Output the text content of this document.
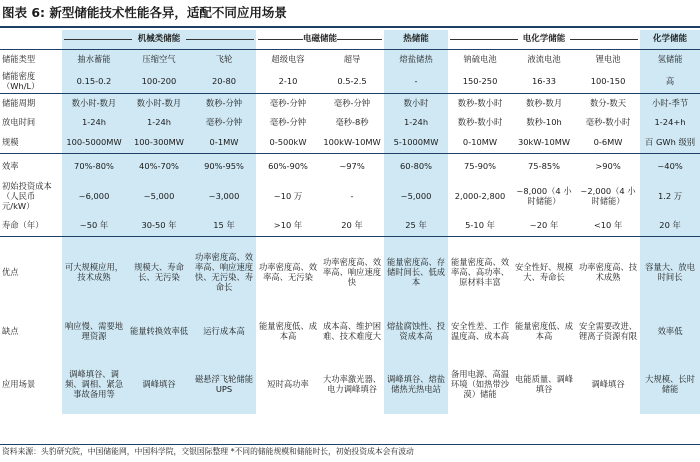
图表 6: 新型储能技术性能各异，适配不同应用场景

	机械类储能			电磁储能		热储能	电化学储能			化学储能
储能类型	抽水蓄能	压缩空气	飞轮	超级电容	超导	熔盐储热	钠硫电池	液流电池	锂电池	氢储能
储能密度（Wh/L）	0.15-0.2	100-200	20-80	2-10	0.5-2.5	-	150-250	16-33	100-150	高
储能周期	数小时-数月	数小时-数月	数秒-分钟	毫秒-分钟	毫秒-分钟	数小时	数秒-数小时	数秒-数月	数分-数天	小时-季节
放电时间	1-24h	1-24h	毫秒-分钟	毫秒-分钟	毫秒-8秒	1-24h	数秒-数小时	数秒-10h	毫秒-数小时	1-24+h
规模	100-5000MW	100-300MW	0-1MW	0-500kW	100kW-10MW	5-1000MW	0-10MW	30kW-10MW	0-6MW	百 GWh 级别
效率	70%-80%	40%-70%	90%-95%	60%-90%	~97%	60-80%	75-90%	75-85%	>90%	~40%
初始投资成本（人民币元/kW）	~6,000	~5,000	~3,000	~10 万	-	~5,000	2,000-2,800	~8,000（4 小时储能）	~2,000（4 小时储能）	1.2 万
寿命（年）	~50 年	30-50 年	15 年	>10 年	20 年	25 年	5-10 年	~20 年	<10 年	20 年
优点	可大规模应用，技术成熟	规模大、寿命长、无污染	功率密度高、效率高、响应速度快、无污染、寿命长	功率密度高、效率高、无污染	功率密度高、效率高、响应速度快	能量密度高、存储时间长、低成本	能量密度高、效率高、高功率、原材料丰富	安全性好、规模大、寿命长	功率密度高、技术成熟	容量大、放电时间长
缺点	响应慢、需要地理资源	能量转换效率低	运行成本高	能量密度低、成本高	成本高、维护困难、技术难度大	熔盐腐蚀性、投资成本高	安全性差、工作温度高、成本高	能量密度低、成本高	安全需要改进、锂离子资源有限	效率低
应用场景	调峰填谷、调频、调相、紧急事故备用等	调峰填谷	磁悬浮飞轮储能 UPS	短时高功率	大功率激光器、电力调峰填谷	调峰填谷、熔盐储热光热电站	备用电源、高温环境（如热带沙漠）储能	电能质量、调峰填谷	调峰填谷	大规模、长时储能
资料来源：头豹研究院，中国储能网，中国科学院，交银国际整理 *不同的储能规模和储能时长，初始投资成本会有波动
